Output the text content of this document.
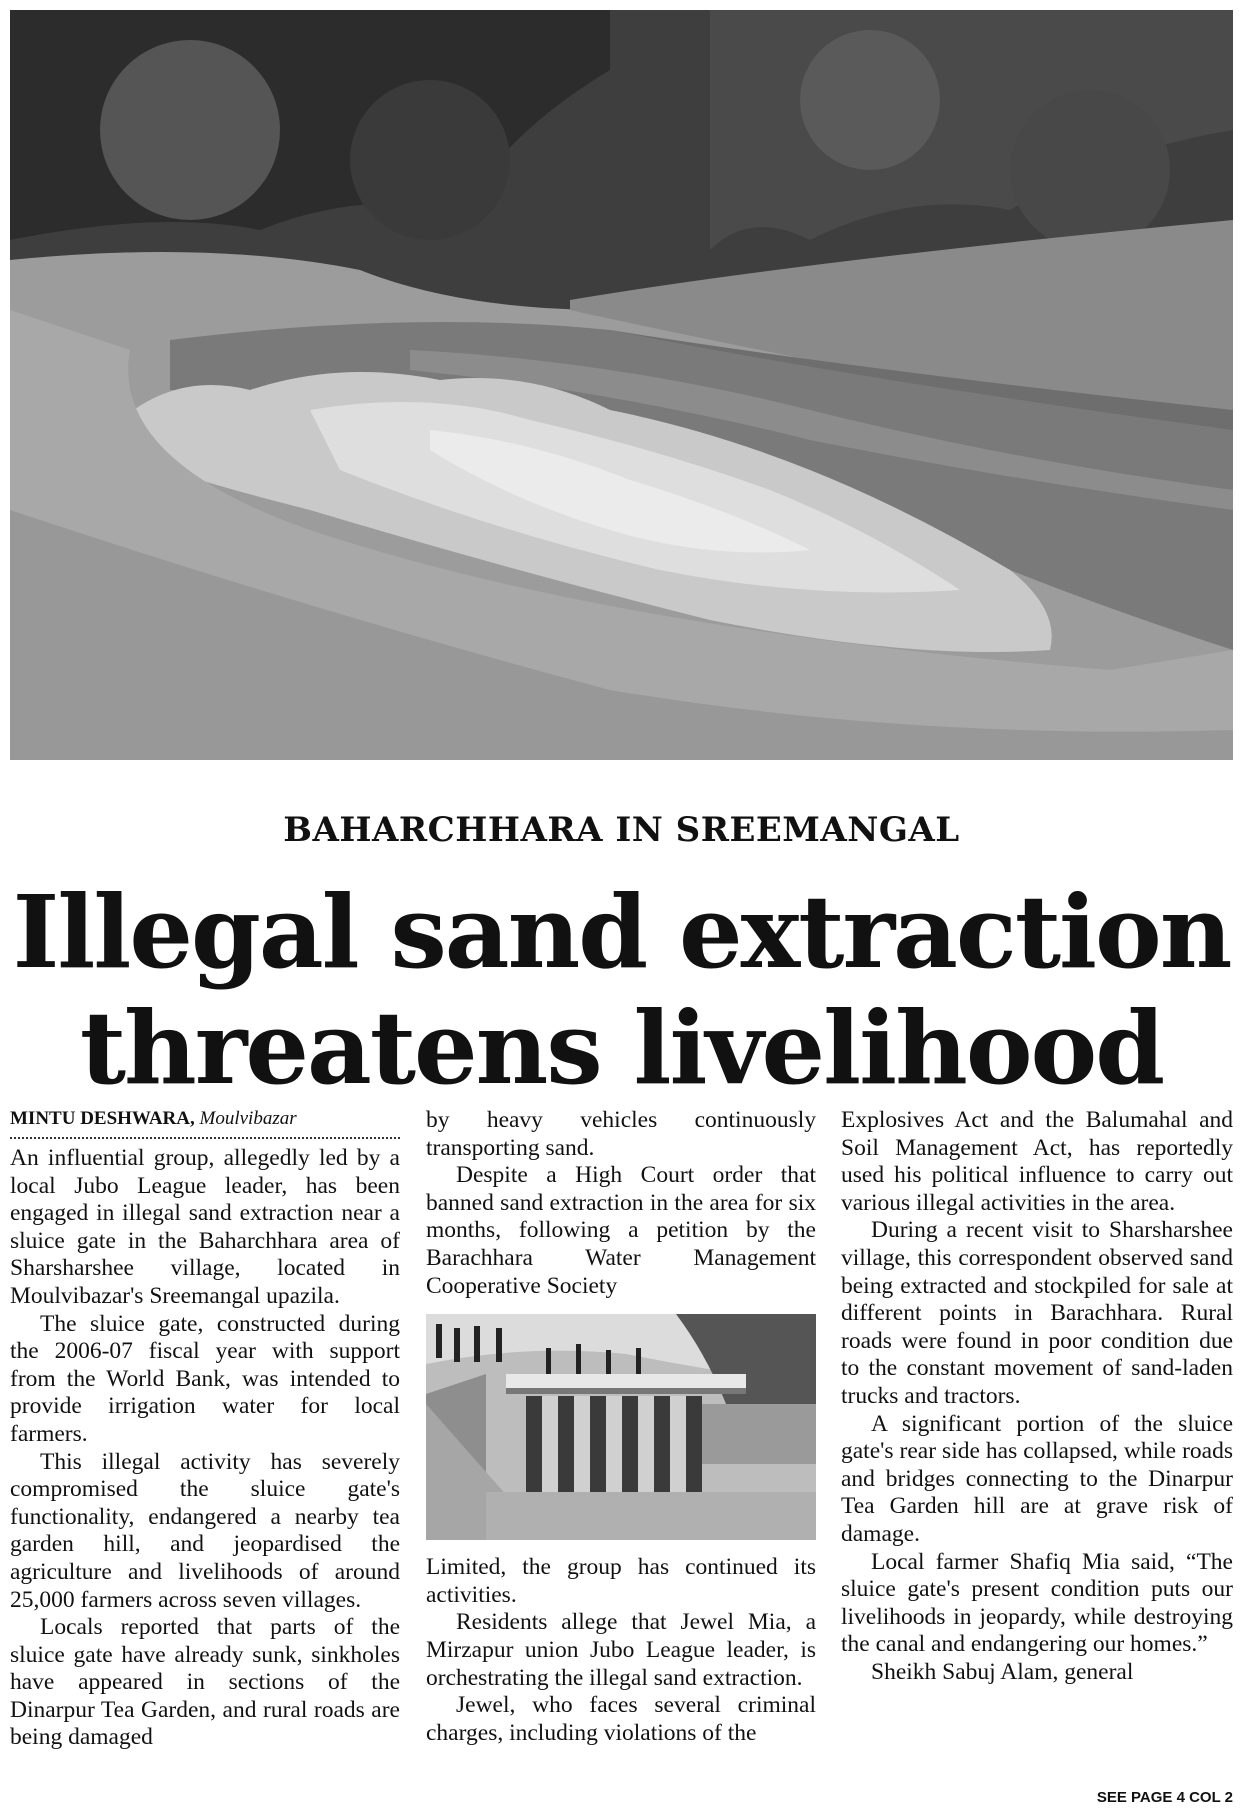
BAHARCHHARA IN SREEMANGAL
Illegal sand extraction
threatens livelihood
MINTU DESHWARA, Moulvibazar

An influential group, allegedly led by a local Jubo League leader, has been engaged in illegal sand extraction near a sluice gate in the Baharchhara area of Sharsharshee village, located in Moulvibazar's Sreemangal upazila.

The sluice gate, constructed during the 2006-07 fiscal year with support from the World Bank, was intended to provide irrigation water for local farmers.

This illegal activity has severely compromised the sluice gate's functionality, endangered a nearby tea garden hill, and jeopardised the agriculture and livelihoods of around 25,000 farmers across seven villages.

Locals reported that parts of the sluice gate have already sunk, sinkholes have appeared in sections of the Dinarpur Tea Garden, and rural roads are being damaged

by heavy vehicles continuously transporting sand.

Despite a High Court order that banned sand extraction in the area for six months, following a petition by the Barachhara Water Management Cooperative Society

Limited, the group has continued its activities.

Residents allege that Jewel Mia, a Mirzapur union Jubo League leader, is orchestrating the illegal sand extraction.

Jewel, who faces several criminal charges, including violations of the

Explosives Act and the Balumahal and Soil Management Act, has reportedly used his political influence to carry out various illegal activities in the area.

During a recent visit to Sharsharshee village, this correspondent observed sand being extracted and stockpiled for sale at different points in Barachhara. Rural roads were found in poor condition due to the constant movement of sand-laden trucks and tractors.

A significant portion of the sluice gate's rear side has collapsed, while roads and bridges connecting to the Dinarpur Tea Garden hill are at grave risk of damage.

Local farmer Shafiq Mia said, “The sluice gate's present condition puts our livelihoods in jeopardy, while destroying the canal and endangering our homes.”

Sheikh Sabuj Alam, general

SEE PAGE 4 COL 2
